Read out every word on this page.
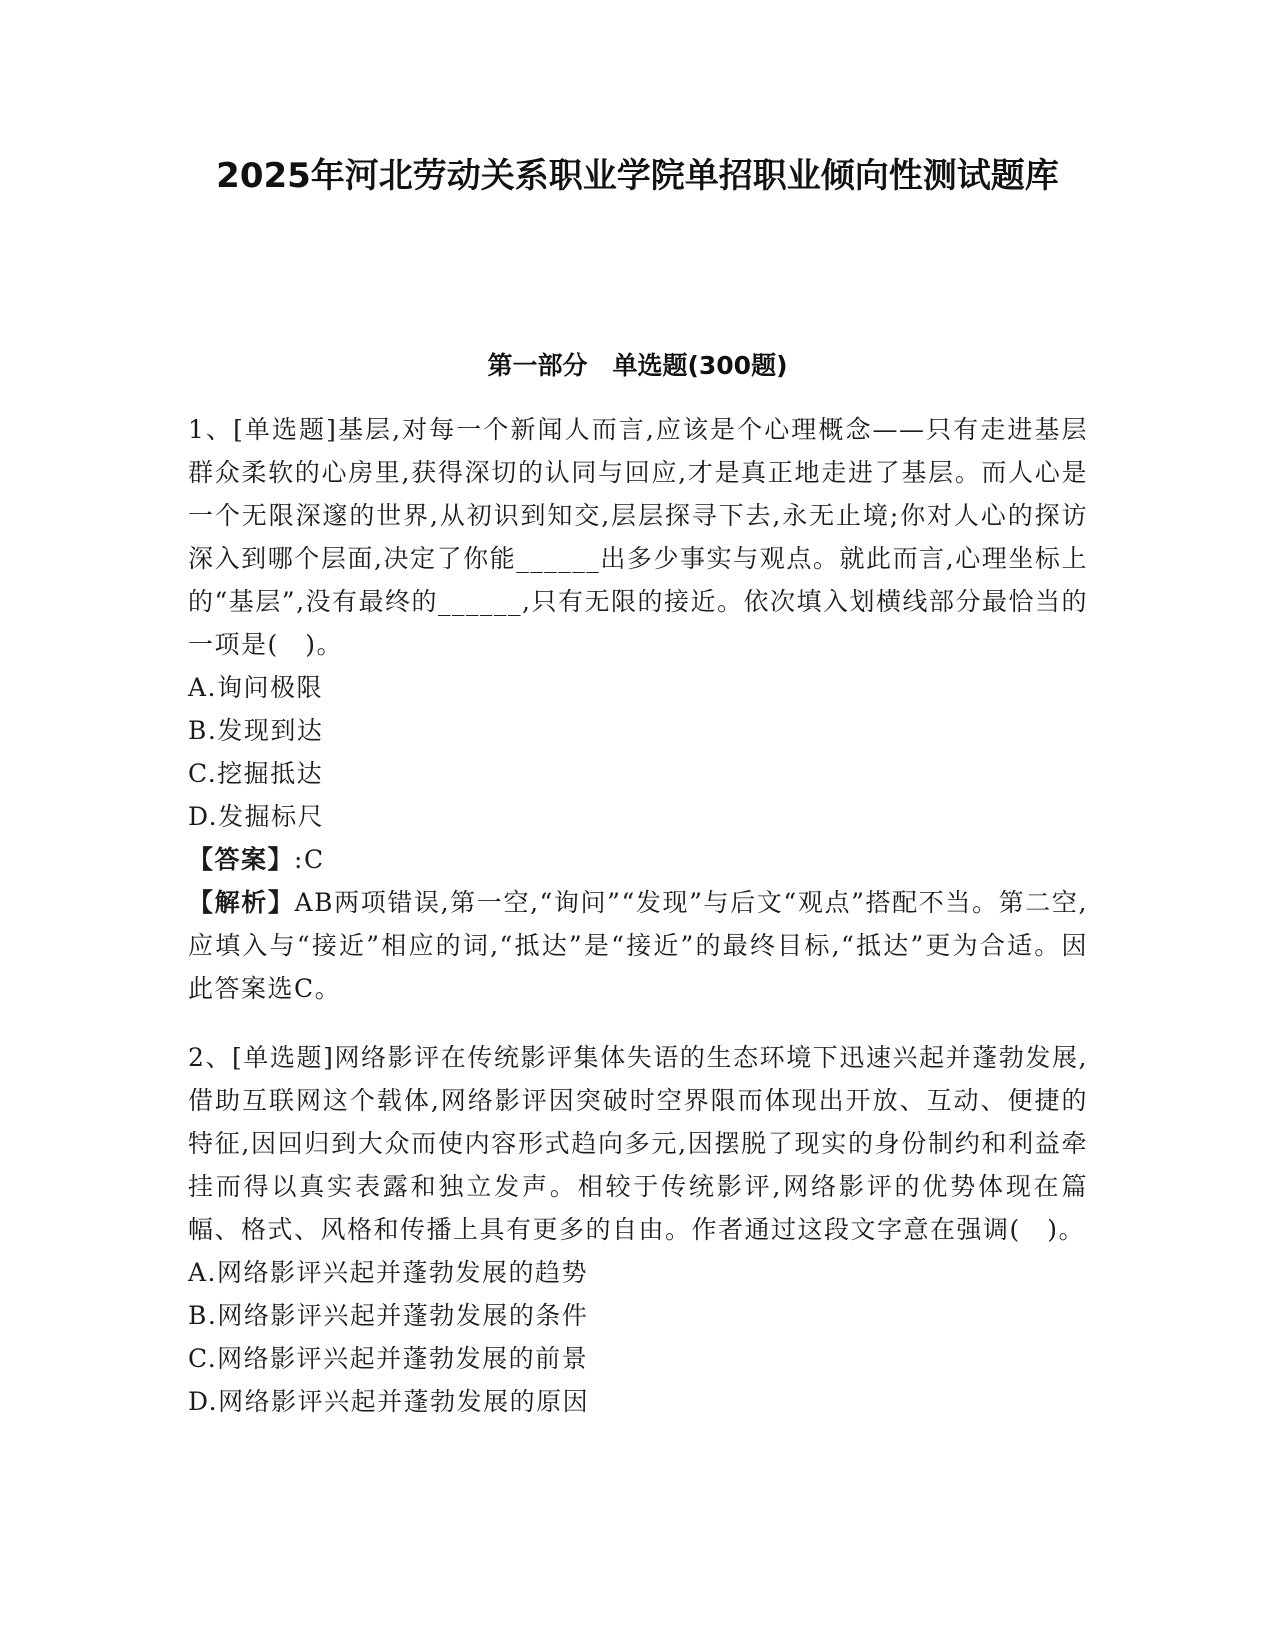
2025年河北劳动关系职业学院单招职业倾向性测试题库
第一部分　单选题(300题)

1、[单选题]基层,对每一个新闻人而言,应该是个心理概念——只有走进基层群众柔软的心房里,获得深切的认同与回应,才是真正地走进了基层。而人心是一个无限深邃的世界,从初识到知交,层层探寻下去,永无止境;你对人心的探访深入到哪个层面,决定了你能______出多少事实与观点。就此而言,心理坐标上的“基层”,没有最终的______,只有无限的接近。依次填入划横线部分最恰当的一项是(　)。

A.询问极限

B.发现到达

C.挖掘抵达

D.发掘标尺

【答案】:C

【解析】AB两项错误,第一空,“询问”“发现”与后文“观点”搭配不当。第二空,应填入与“接近”相应的词,“抵达”是“接近”的最终目标,“抵达”更为合适。因此答案选C。

2、[单选题]网络影评在传统影评集体失语的生态环境下迅速兴起并蓬勃发展,借助互联网这个载体,网络影评因突破时空界限而体现出开放、互动、便捷的特征,因回归到大众而使内容形式趋向多元,因摆脱了现实的身份制约和利益牵挂而得以真实表露和独立发声。相较于传统影评,网络影评的优势体现在篇幅、格式、风格和传播上具有更多的自由。作者通过这段文字意在强调(　)。

A.网络影评兴起并蓬勃发展的趋势

B.网络影评兴起并蓬勃发展的条件

C.网络影评兴起并蓬勃发展的前景

D.网络影评兴起并蓬勃发展的原因
